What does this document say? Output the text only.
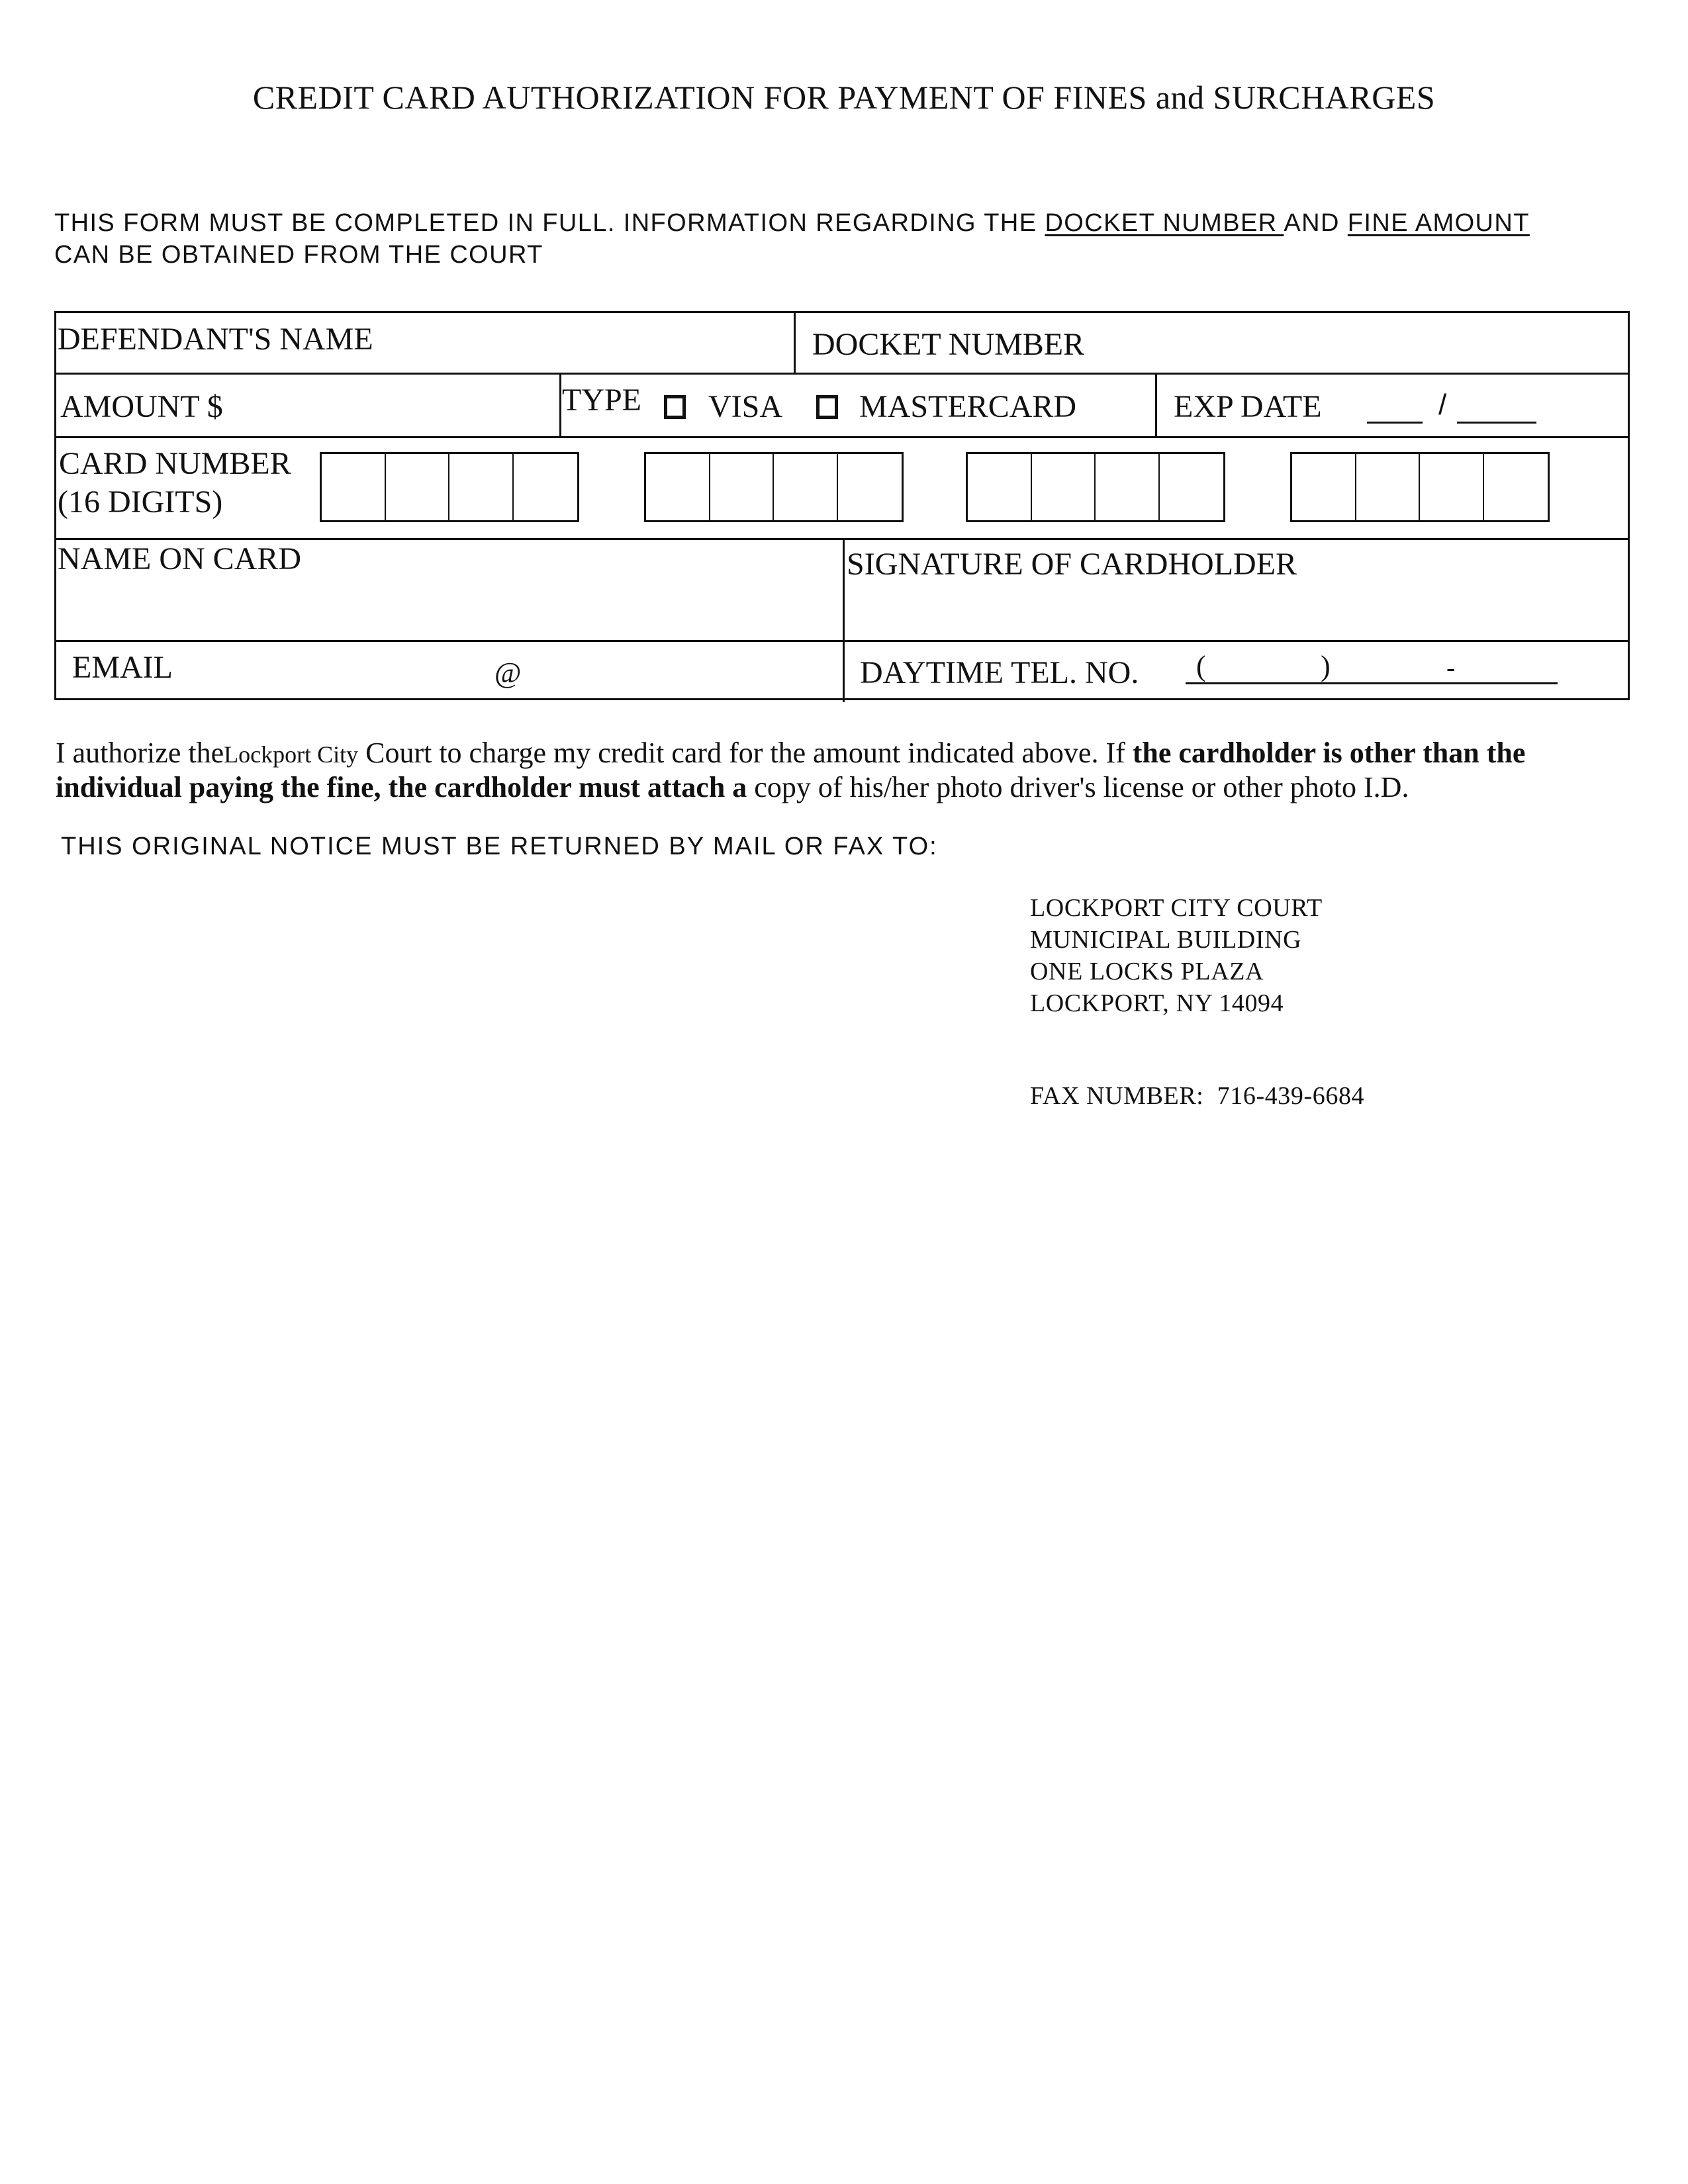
CREDIT CARD AUTHORIZATION FOR PAYMENT OF FINES and SURCHARGES
THIS FORM MUST BE COMPLETED IN FULL. INFORMATION REGARDING THE DOCKET NUMBER AND FINE AMOUNT
CAN BE OBTAINED FROM THE COURT
DEFENDANT'S NAME	DOCKET NUMBER
AMOUNT $	TYPE VISA MASTERCARD	EXP DATE	/
CARD NUMBER
(16 DIGITS)
NAME ON CARD	SIGNATURE OF CARDHOLDER
EMAIL	@	DAYTIME TEL. NO. (	)	-
I authorize theLockport City Court to charge my credit card for the amount indicated above. If the cardholder is other than the
individual paying the fine, the cardholder must attach a copy of his/her photo driver's license or other photo I.D.
THIS ORIGINAL NOTICE MUST BE RETURNED BY MAIL OR FAX TO:
LOCKPORT CITY COURT
MUNICIPAL BUILDING
ONE LOCKS PLAZA
LOCKPORT, NY 14094
FAX NUMBER: 716-439-6684
